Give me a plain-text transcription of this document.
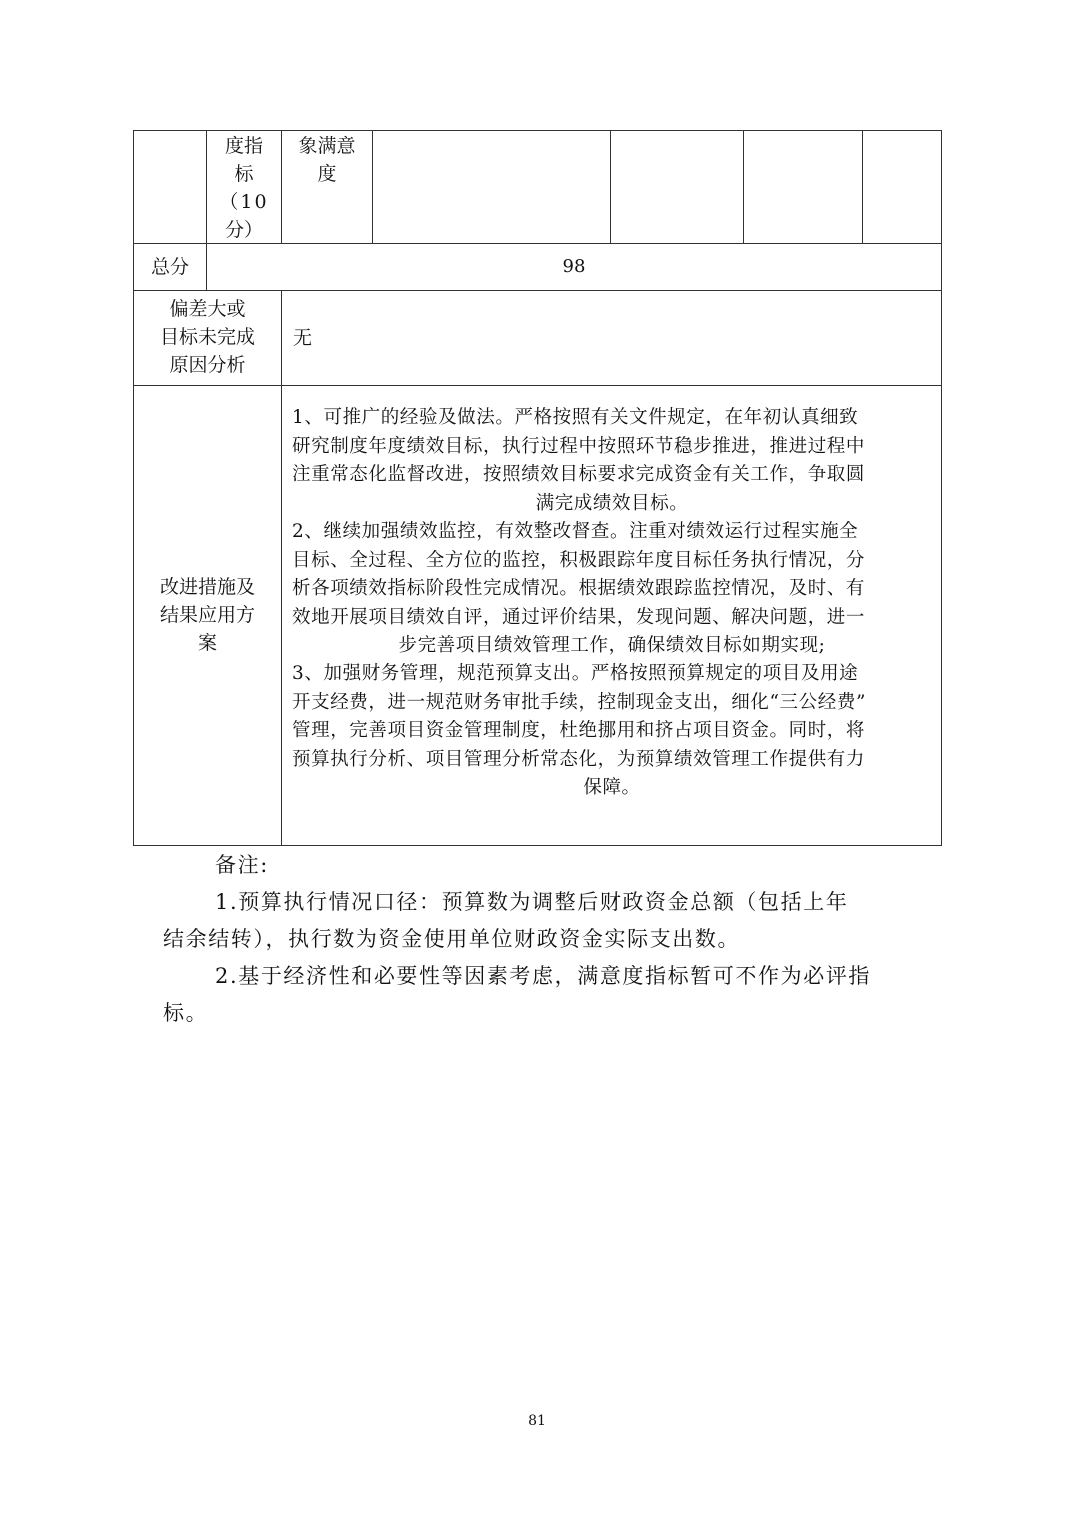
度指
标
（10
分）
象满意
度
总分	98
偏差大或
目标未完成
原因分析
无
改进措施及
结果应用方
案
1、可推广的经验及做法。严格按照有关文件规定，在年初认真细致
研究制度年度绩效目标，执行过程中按照环节稳步推进，推进过程中
注重常态化监督改进，按照绩效目标要求完成资金有关工作，争取圆
满完成绩效目标。
2、继续加强绩效监控，有效整改督查。注重对绩效运行过程实施全
目标、全过程、全方位的监控，积极跟踪年度目标任务执行情况，分
析各项绩效指标阶段性完成情况。根据绩效跟踪监控情况，及时、有
效地开展项目绩效自评，通过评价结果，发现问题、解决问题，进一
步完善项目绩效管理工作，确保绩效目标如期实现;
3、加强财务管理，规范预算支出。严格按照预算规定的项目及用途
开支经费，进一规范财务审批手续，控制现金支出，细化“三公经费”
管理，完善项目资金管理制度，杜绝挪用和挤占项目资金。同时，将
预算执行分析、项目管理分析常态化，为预算绩效管理工作提供有力
保障。
备注:
1.预算执行情况口径：预算数为调整后财政资金总额（包括上年
结余结转），执行数为资金使用单位财政资金实际支出数。
2.基于经济性和必要性等因素考虑，满意度指标暂可不作为必评指
标。
81
